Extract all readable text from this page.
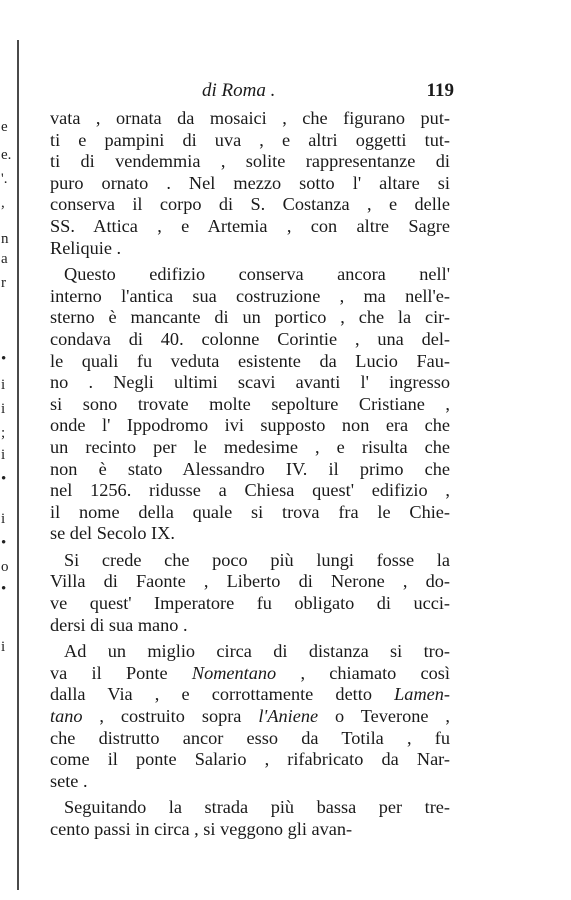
e
e.
'.
,
n
a
r
•
i
i
;
i
•
i
•
o
•
i
di Roma .	119

vata , ornata da mosaici , che figurano put-
ti e pampini di uva , e altri oggetti tut-
ti di vendemmia , solite rappresentanze di
puro ornato . Nel mezzo sotto l' altare si
conserva il corpo di S. Costanza , e delle
SS. Attica , e Artemia , con altre Sagre
Reliquie .

Questo edifizio conserva ancora nell'
interno l'antica sua costruzione , ma nell'e-
sterno è mancante di un portico , che la cir-
condava di 40. colonne Corintie , una del-
le quali fu veduta esistente da Lucio Fau-
no . Negli ultimi scavi avanti l' ingresso
si sono trovate molte sepolture Cristiane ,
onde l' Ippodromo ivi supposto non era che
un recinto per le medesime , e risulta che
non è stato Alessandro IV. il primo che
nel 1256. ridusse a Chiesa quest' edifizio ,
il nome della quale si trova fra le Chie-
se del Secolo IX.

Si crede che poco più lungi fosse la
Villa di Faonte , Liberto di Nerone , do-
ve quest' Imperatore fu obligato di ucci-
dersi di sua mano .

Ad un miglio circa di distanza si tro-
va il Ponte Nomentano , chiamato così
dalla Via , e corrottamente detto Lamen-
tano , costruito sopra l'Aniene o Teverone ,
che distrutto ancor esso da Totila , fu
come il ponte Salario , rifabricato da Nar-
sete .

Seguitando la strada più bassa per tre-
cento passi in circa , si veggono gli avan-
